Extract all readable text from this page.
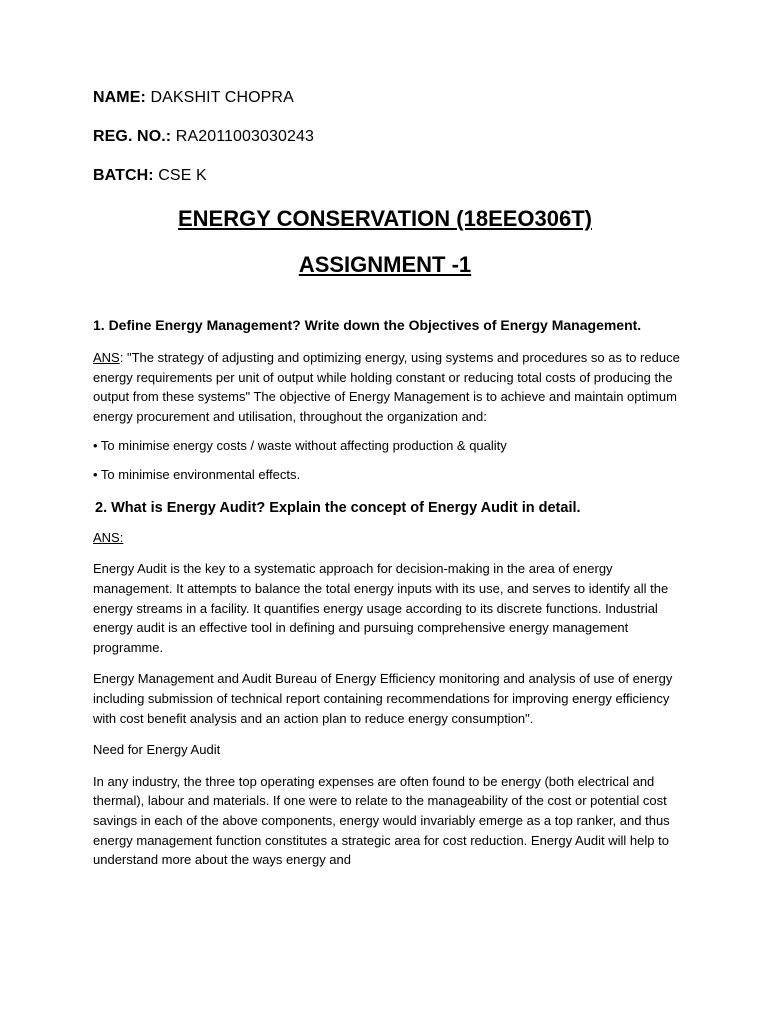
NAME: DAKSHIT CHOPRA
REG. NO.: RA2011003030243
BATCH: CSE K
ENERGY CONSERVATION (18EEO306T)
ASSIGNMENT -1
1. Define Energy Management? Write down the Objectives of Energy Management.

ANS: "The strategy of adjusting and optimizing energy, using systems and procedures so as to reduce energy requirements per unit of output while holding constant or reducing total costs of producing the output from these systems" The objective of Energy Management is to achieve and maintain optimum energy procurement and utilisation, throughout the organization and:

• To minimise energy costs / waste without affecting production & quality
• To minimise environmental effects.
2. What is Energy Audit? Explain the concept of Energy Audit in detail.
ANS:

Energy Audit is the key to a systematic approach for decision-making in the area of energy management. It attempts to balance the total energy inputs with its use, and serves to identify all the energy streams in a facility. It quantifies energy usage according to its discrete functions. Industrial energy audit is an effective tool in defining and pursuing comprehensive energy management programme.

Energy Management and Audit Bureau of Energy Efficiency monitoring and analysis of use of energy including submission of technical report containing recommendations for improving energy efficiency with cost benefit analysis and an action plan to reduce energy consumption".

Need for Energy Audit

In any industry, the three top operating expenses are often found to be energy (both electrical and thermal), labour and materials. If one were to relate to the manageability of the cost or potential cost savings in each of the above components, energy would invariably emerge as a top ranker, and thus energy management function constitutes a strategic area for cost reduction. Energy Audit will help to understand more about the ways energy and
